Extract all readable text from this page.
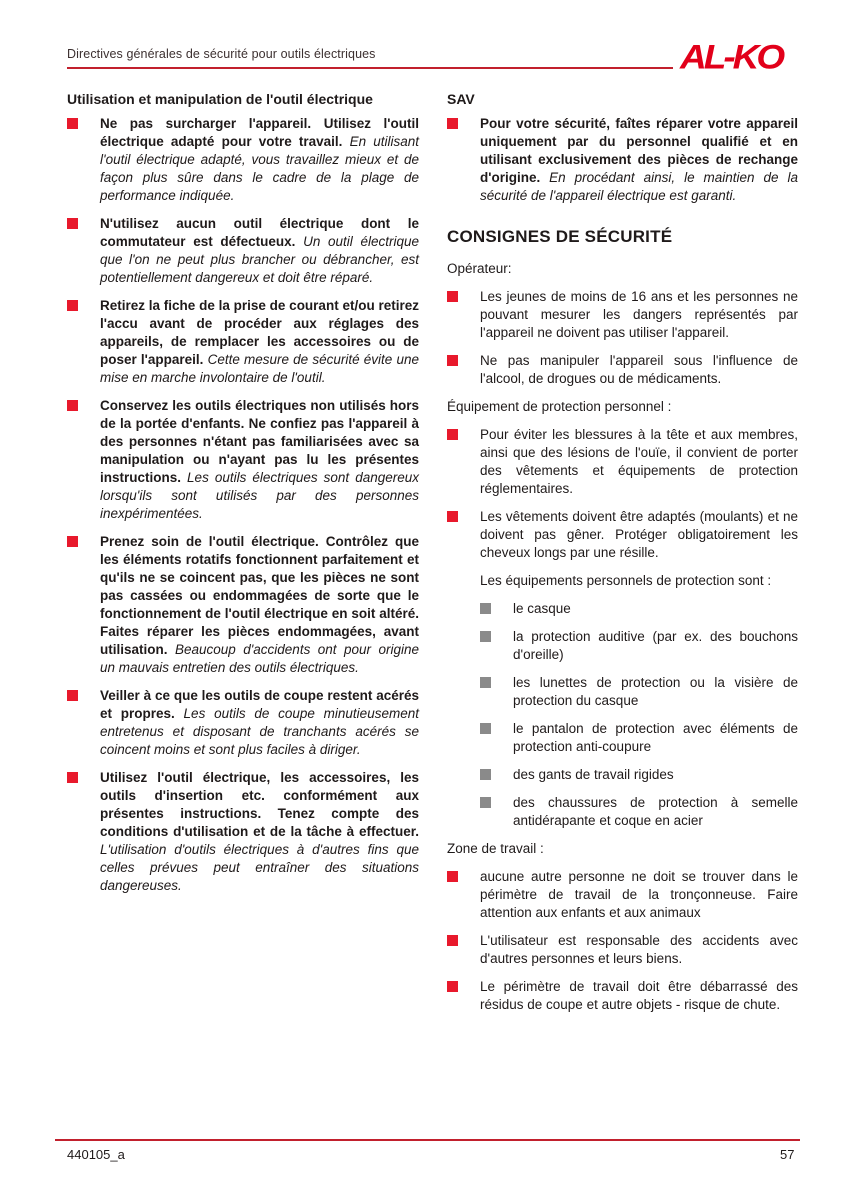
Directives générales de sécurité pour outils électriques	AL-KO
Utilisation et manipulation de l'outil électrique

Ne pas surcharger l'appareil. Utilisez l'outil électrique adapté pour votre travail. En utilisant l'outil électrique adapté, vous travaillez mieux et de façon plus sûre dans le cadre de la plage de performance indiquée.

N'utilisez aucun outil électrique dont le commutateur est défectueux. Un outil électrique que l'on ne peut plus brancher ou débrancher, est potentiellement dangereux et doit être réparé.

Retirez la fiche de la prise de courant et/ou retirez l'accu avant de procéder aux réglages des appareils, de remplacer les accessoires ou de poser l'appareil. Cette mesure de sécurité évite une mise en marche involontaire de l'outil.

Conservez les outils électriques non utilisés hors de la portée d'enfants. Ne confiez pas l'appareil à des personnes n'étant pas familiarisées avec sa manipulation ou n'ayant pas lu les présentes instructions. Les outils électriques sont dangereux lorsqu'ils sont utilisés par des personnes inexpérimentées.

Prenez soin de l'outil électrique. Contrôlez que les éléments rotatifs fonctionnent parfaitement et qu'ils ne se coincent pas, que les pièces ne sont pas cassées ou endommagées de sorte que le fonctionnement de l'outil électrique en soit altéré. Faites réparer les pièces endommagées, avant utilisation. Beaucoup d'accidents ont pour origine un mauvais entretien des outils électriques.

Veiller à ce que les outils de coupe restent acérés et propres. Les outils de coupe minutieusement entretenus et disposant de tranchants acérés se coincent moins et sont plus faciles à diriger.

Utilisez l'outil électrique, les accessoires, les outils d'insertion etc. conformément aux présentes instructions. Tenez compte des conditions d'utilisation et de la tâche à effectuer. L'utilisation d'outils électriques à d'autres fins que celles prévues peut entraîner des situations dangereuses.

SAV

Pour votre sécurité, faîtes réparer votre appareil uniquement par du personnel qualifié et en utilisant exclusivement des pièces de rechange d'origine. En procédant ainsi, le maintien de la sécurité de l'appareil électrique est garanti.

CONSIGNES DE SÉCURITÉ
Opérateur:

Les jeunes de moins de 16 ans et les personnes ne pouvant mesurer les dangers représentés par l'appareil ne doivent pas utiliser l'appareil.

Ne pas manipuler l'appareil sous l'influence de l'alcool, de drogues ou de médicaments.

Équipement de protection personnel :

Pour éviter les blessures à la tête et aux membres, ainsi que des lésions de l'ouïe, il convient de porter des vêtements et équipements de protection réglementaires.

Les vêtements doivent être adaptés (moulants) et ne doivent pas gêner. Protéger obligatoirement les cheveux longs par une résille.

Les équipements personnels de protection sont :

le casque

la protection auditive (par ex. des bouchons d'oreille)

les lunettes de protection ou la visière de protection du casque

le pantalon de protection avec éléments de protection anti-coupure

des gants de travail rigides

des chaussures de protection à semelle antidérapante et coque en acier

Zone de travail :

aucune autre personne ne doit se trouver dans le périmètre de travail de la tronçonneuse. Faire attention aux enfants et aux animaux

L'utilisateur est responsable des accidents avec d'autres personnes et leurs biens.

Le périmètre de travail doit être débarrassé des résidus de coupe et autre objets - risque de chute.

440105_a	57
